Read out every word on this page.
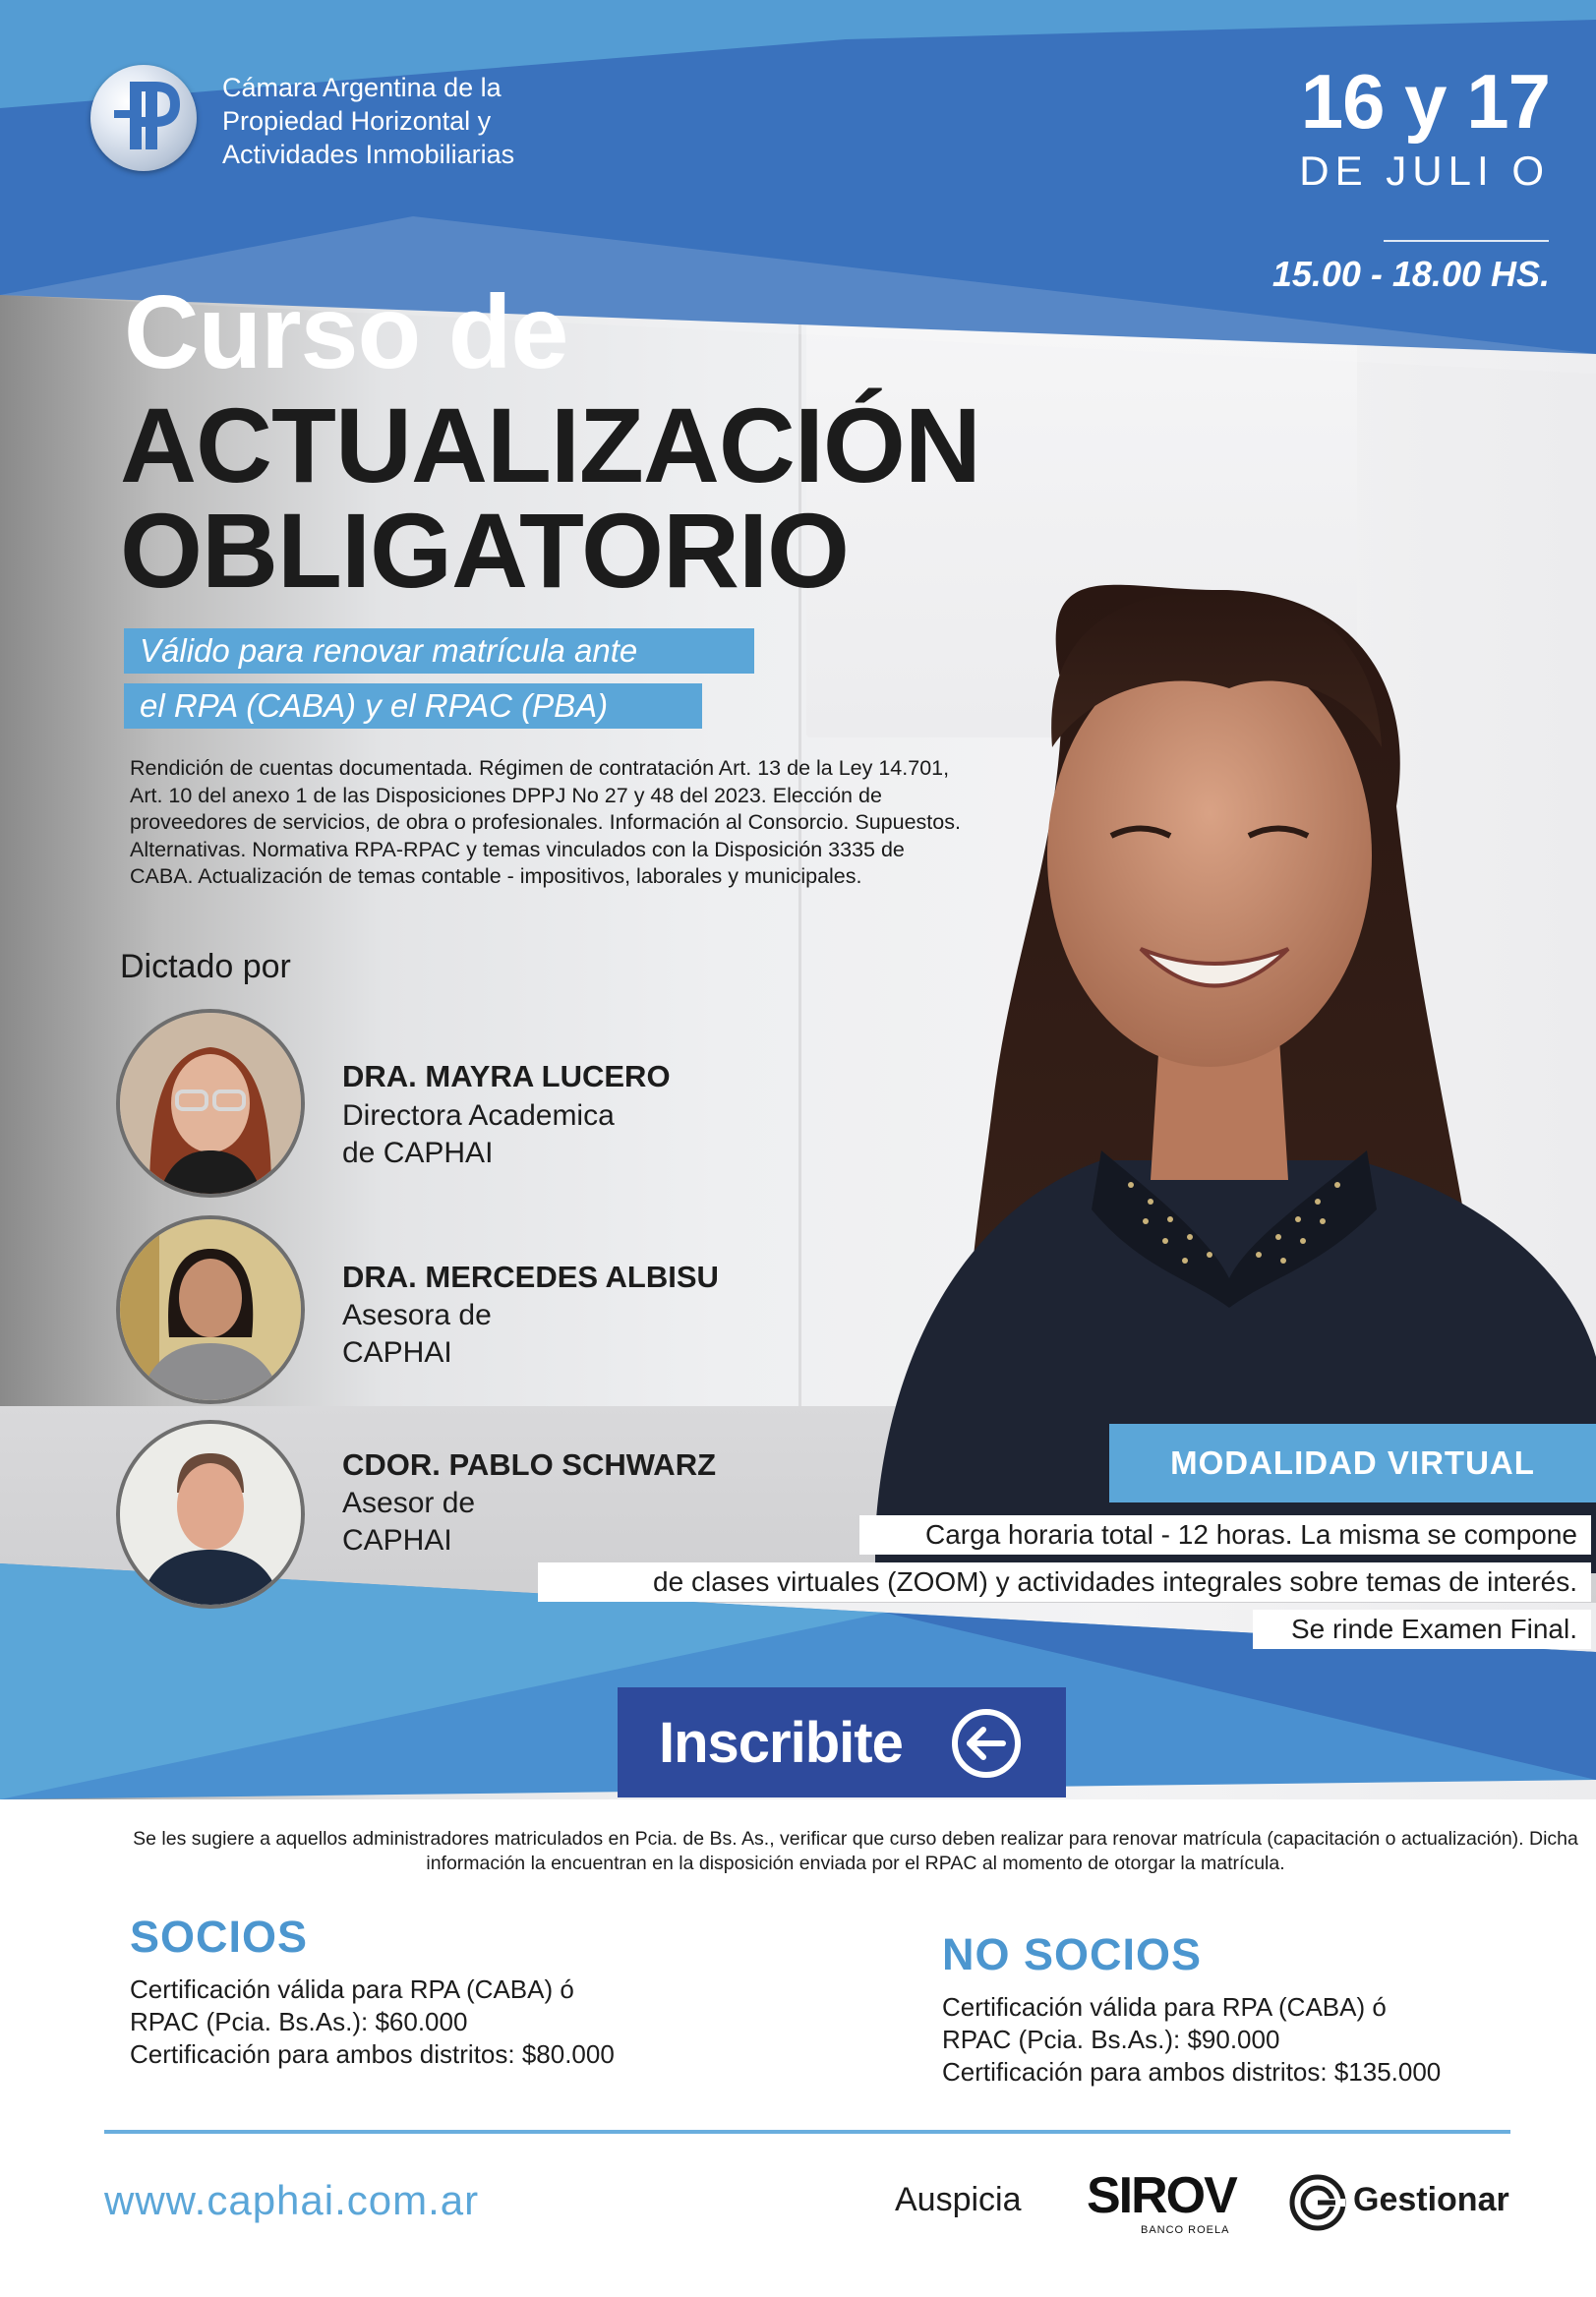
Cámara Argentina de la
Propiedad Horizontal y
Actividades Inmobiliarias
16 y 17
DE JULI O
15.00 - 18.00 HS.
Curso de
ACTUALIZACIÓN
OBLIGATORIO
Válido para renovar matrícula ante
el RPA (CABA) y el RPAC (PBA)
Rendición de cuentas documentada. Régimen de contratación Art. 13 de la Ley 14.701, Art. 10 del anexo 1 de las Disposiciones DPPJ No 27 y 48 del 2023. Elección de proveedores de servicios, de obra o profesionales. Información al Consorcio. Supuestos. Alternativas. Normativa RPA-RPAC y temas vinculados con la Disposición 3335 de CABA. Actualización de temas contable - impositivos, laborales y municipales.
Dictado por
DRA. MAYRA LUCERO
Directora Academica
de CAPHAI
DRA. MERCEDES ALBISU
Asesora de
CAPHAI
CDOR. PABLO SCHWARZ
Asesor de
CAPHAI
MODALIDAD VIRTUAL
Carga horaria total - 12 horas. La misma se compone
de clases virtuales (ZOOM) y actividades integrales sobre temas de interés.
Se rinde Examen Final.
Inscribite
Se les sugiere a aquellos administradores matriculados en Pcia. de Bs. As., verificar que curso deben realizar para renovar matrícula (capacitación o actualización). Dicha información la encuentran en la disposición enviada por el RPAC al momento de otorgar la matrícula.
SOCIOS
Certificación válida para RPA (CABA) ó
RPAC (Pcia. Bs.As.): $60.000
Certificación para ambos distritos: $80.000
NO SOCIOS
Certificación válida para RPA (CABA) ó
RPAC (Pcia. Bs.As.): $90.000
Certificación para ambos distritos: $135.000
www.caphai.com.ar	Auspicia SIROV
BANCO ROELA
Gestionar
